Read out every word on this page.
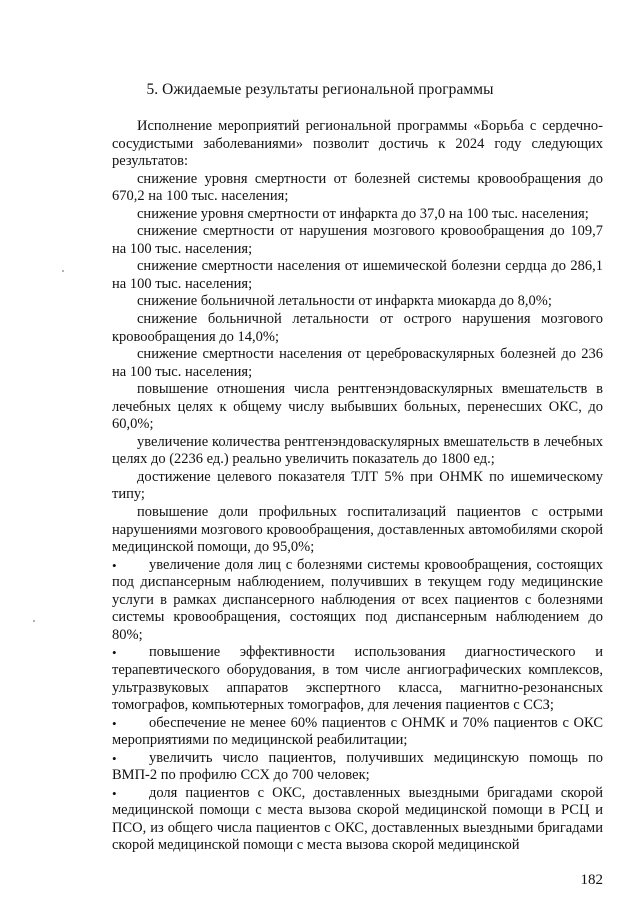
5. Ожидаемые результаты региональной программы

Исполнение мероприятий региональной программы «Борьба с сердечно-сосудистыми заболеваниями» позволит достичь к 2024 году следующих результатов:

снижение уровня смертности от болезней системы кровообращения до 670,2 на 100 тыс. населения;

снижение уровня смертности от инфаркта до 37,0 на 100 тыс. населения;

снижение смертности от нарушения мозгового кровообращения до 109,7 на 100 тыс. населения;

снижение смертности населения от ишемической болезни сердца до 286,1 на 100 тыс. населения;

снижение больничной летальности от инфаркта миокарда до 8,0%;

снижение больничной летальности от острого нарушения мозгового кровообращения до 14,0%;

снижение смертности населения от цереброваскулярных болезней до 236 на 100 тыс. населения;

повышение отношения числа рентгенэндоваскулярных вмешательств в лечебных целях к общему числу выбывших больных, перенесших ОКС, до 60,0%;

увеличение количества рентгенэндоваскулярных вмешательств в лечебных целях до (2236 ед.) реально увеличить показатель до 1800 ед.;

достижение целевого показателя ТЛТ 5% при ОНМК по ишемическому типу;

повышение доли профильных госпитализаций пациентов с острыми нарушениями мозгового кровообращения, доставленных автомобилями скорой медицинской помощи, до 95,0%;

• увеличение доля лиц с болезнями системы кровообращения, состоящих под диспансерным наблюдением, получивших в текущем году медицинские услуги в рамках диспансерного наблюдения от всех пациентов с болезнями системы кровообращения, состоящих под диспансерным наблюдением до 80%;

• повышение эффективности использования диагностического и терапевтического оборудования, в том числе ангиографических комплексов, ультразвуковых аппаратов экспертного класса, магнитно-резонансных томографов, компьютерных томографов, для лечения пациентов с ССЗ;

• обеспечение не менее 60% пациентов с ОНМК и 70% пациентов с ОКС мероприятиями по медицинской реабилитации;

• увеличить число пациентов, получивших медицинскую помощь по ВМП-2 по профилю ССХ до 700 человек;

• доля пациентов с ОКС, доставленных выездными бригадами скорой медицинской помощи с места вызова скорой медицинской помощи в РСЦ и ПСО, из общего числа пациентов с ОКС, доставленных выездными бригадами скорой медицинской помощи с места вызова скорой медицинской

182
